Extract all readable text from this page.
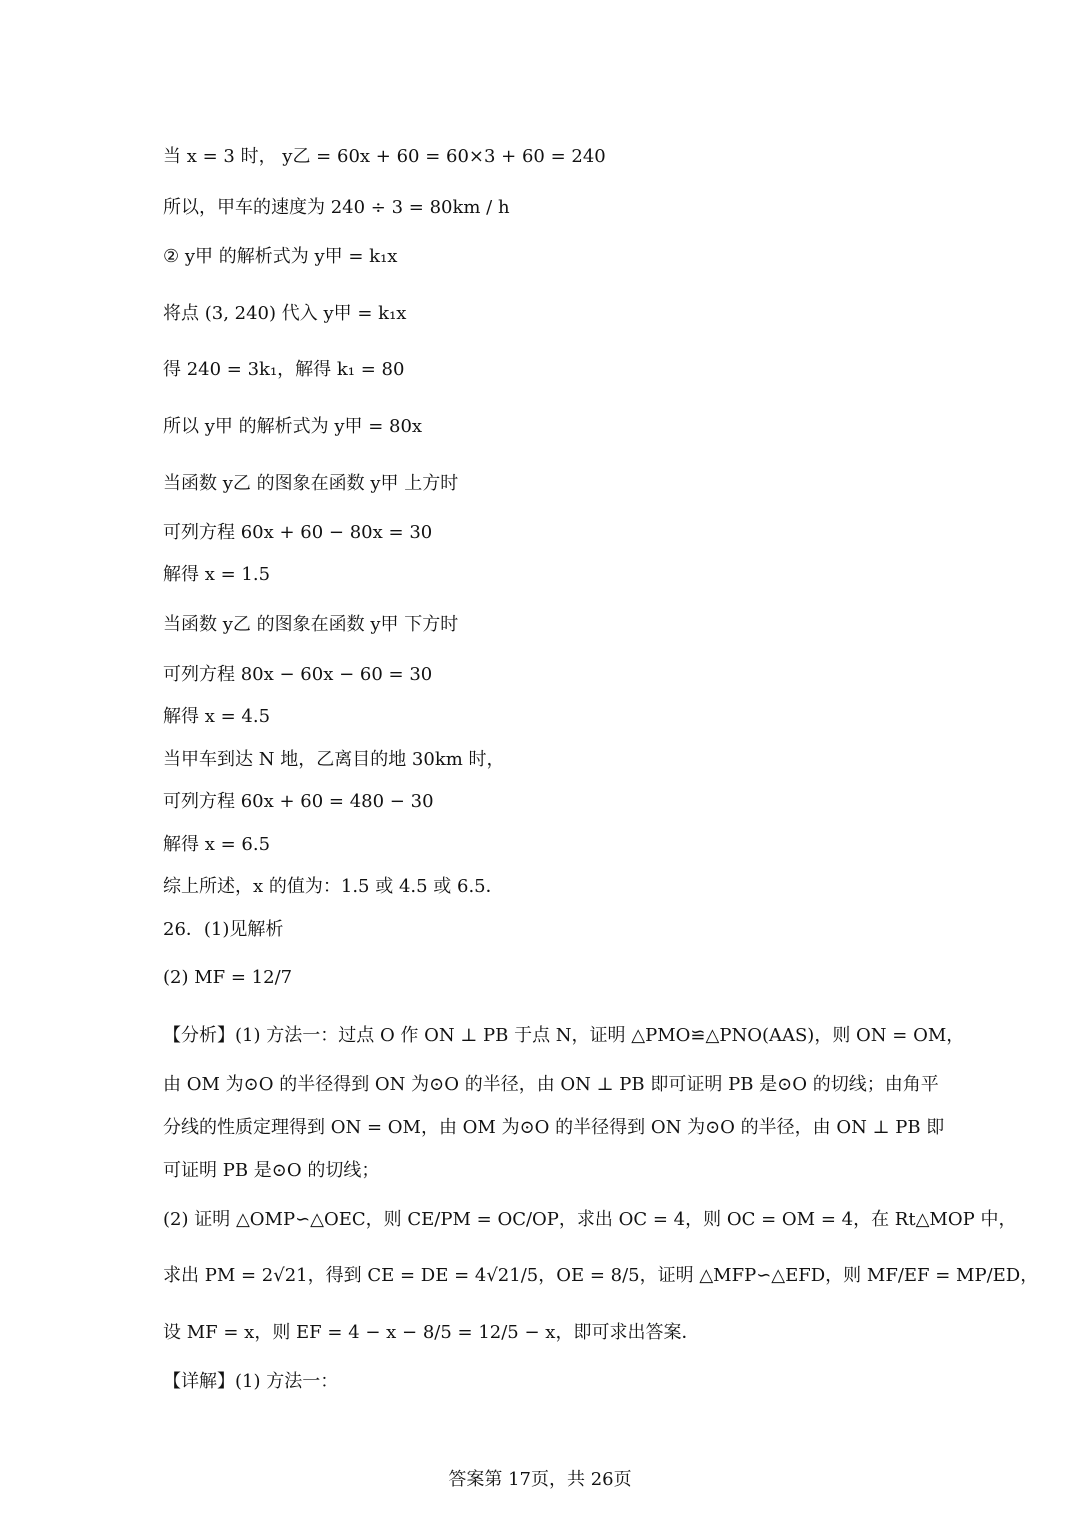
当 x = 3 时， y乙 = 60x + 60 = 60×3 + 60 = 240
所以，甲车的速度为 240 ÷ 3 = 80km / h
② y甲 的解析式为 y甲 = k₁x
将点 (3, 240) 代入 y甲 = k₁x
得 240 = 3k₁，解得 k₁ = 80
所以 y甲 的解析式为 y甲 = 80x
当函数 y乙 的图象在函数 y甲 上方时
可列方程 60x + 60 − 80x = 30
解得 x = 1.5
当函数 y乙 的图象在函数 y甲 下方时
可列方程 80x − 60x − 60 = 30
解得 x = 4.5
当甲车到达 N 地，乙离目的地 30km 时，
可列方程 60x + 60 = 480 − 30
解得 x = 6.5
综上所述，x 的值为：1.5 或 4.5 或 6.5．
26．(1)见解析
(2) MF = 12/7
【分析】(1) 方法一：过点 O 作 ON ⊥ PB 于点 N，证明 △PMO≌△PNO(AAS)，则 ON = OM，
由 OM 为⊙O 的半径得到 ON 为⊙O 的半径，由 ON ⊥ PB 即可证明 PB 是⊙O 的切线；由角平
分线的性质定理得到 ON = OM，由 OM 为⊙O 的半径得到 ON 为⊙O 的半径，由 ON ⊥ PB 即
可证明 PB 是⊙O 的切线；
(2) 证明 △OMP∽△OEC，则 CE/PM = OC/OP，求出 OC = 4，则 OC = OM = 4，在 Rt△MOP 中，
求出 PM = 2√21，得到 CE = DE = 4√21/5，OE = 8/5，证明 △MFP∽△EFD，则 MF/EF = MP/ED，
设 MF = x，则 EF = 4 − x − 8/5 = 12/5 − x，即可求出答案．
【详解】(1) 方法一：
答案第 17页，共 26页
